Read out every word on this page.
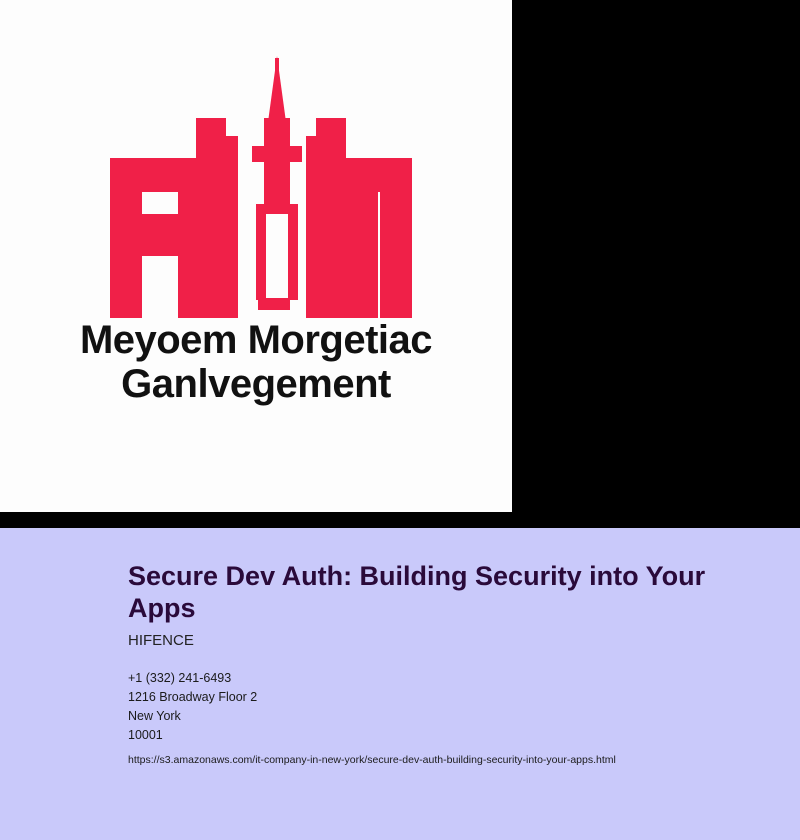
Meyoem Morgetiac
Ganlvegement
Secure Dev Auth: Building Security into Your Apps
HIFENCE

+1 (332) 241-6493

1216 Broadway Floor 2

New York

10001

https://s3.amazonaws.com/it-company-in-new-york/secure-dev-auth-building-security-into-your-apps.html
